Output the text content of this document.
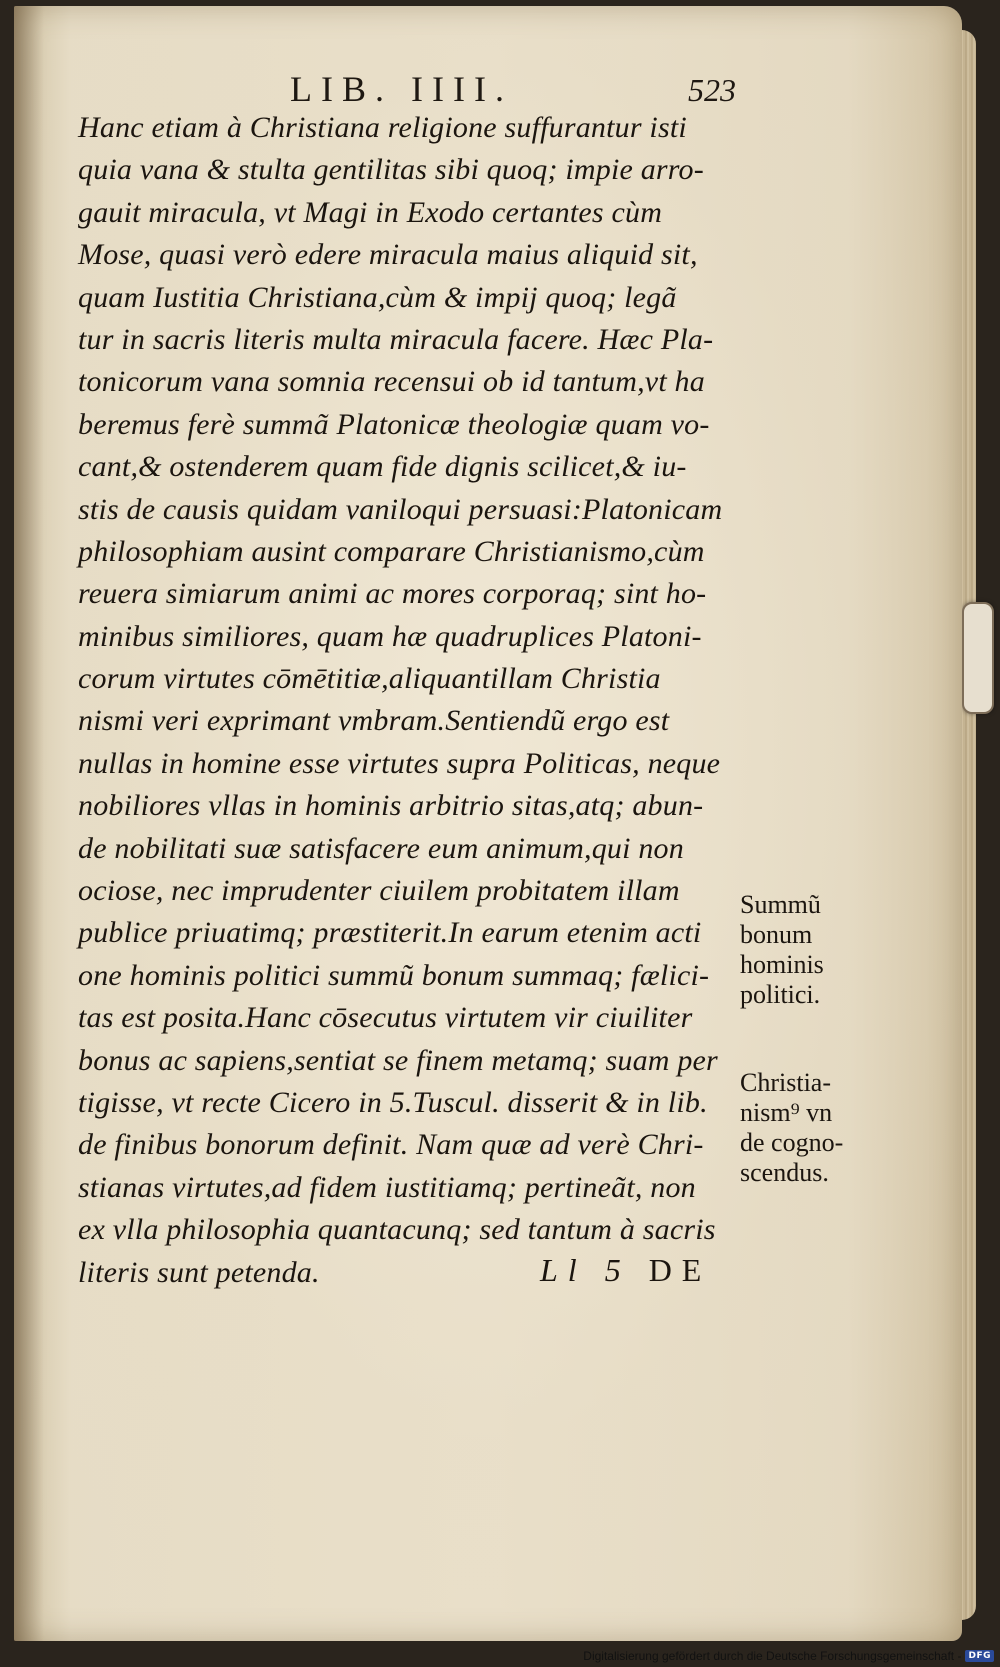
LIB. IIII.	523
Hanc etiam à Christiana religione suffurantur isti
quia vana & stulta gentilitas sibi quoq; impie arro-
gauit miracula, vt Magi in Exodo certantes cùm
Mose, quasi verò edere miracula maius aliquid sit,
quam Iustitia Christiana,cùm & impij quoq; legã
tur in sacris literis multa miracula facere. Hæc Pla-
tonicorum vana somnia recensui ob id tantum,vt ha
beremus ferè summã Platonicæ theologiæ quam vo-
cant,& ostenderem quam fide dignis scilicet,& iu-
stis de causis quidam vaniloqui persuasi:Platonicam
philosophiam ausint comparare Christianismo,cùm
reuera simiarum animi ac mores corporaq; sint ho-
minibus similiores, quam hæ quadruplices Platoni-
corum virtutes cōmētitiæ,aliquantillam Christia
nismi veri exprimant vmbram.Sentiendũ ergo est
nullas in homine esse virtutes supra Politicas, neque
nobiliores vllas in hominis arbitrio sitas,atq; abun-
de nobilitati suæ satisfacere eum animum,qui non
ociose, nec imprudenter ciuilem probitatem illam
publice priuatimq; præstiterit.In earum etenim acti
one hominis politici summũ bonum summaq; fælici-
tas est posita.Hanc cōsecutus virtutem vir ciuiliter
bonus ac sapiens,sentiat se finem metamq; suam per
tigisse, vt recte Cicero in 5.Tuscul. disserit & in lib.
de finibus bonorum definit. Nam quæ ad verè Chri-
stianas virtutes,ad fidem iustitiamq; pertineãt, non
ex vlla philosophia quantacunq; sed tantum à sacris
literis sunt petenda.
Summũ
bonum
hominis
politici.
Christia-
nism⁹ vn
de cogno-
scendus.
Ll 5 DE
Digitalisierung gefördert durch die Deutsche Forschungsgemeinschaft - DFG
